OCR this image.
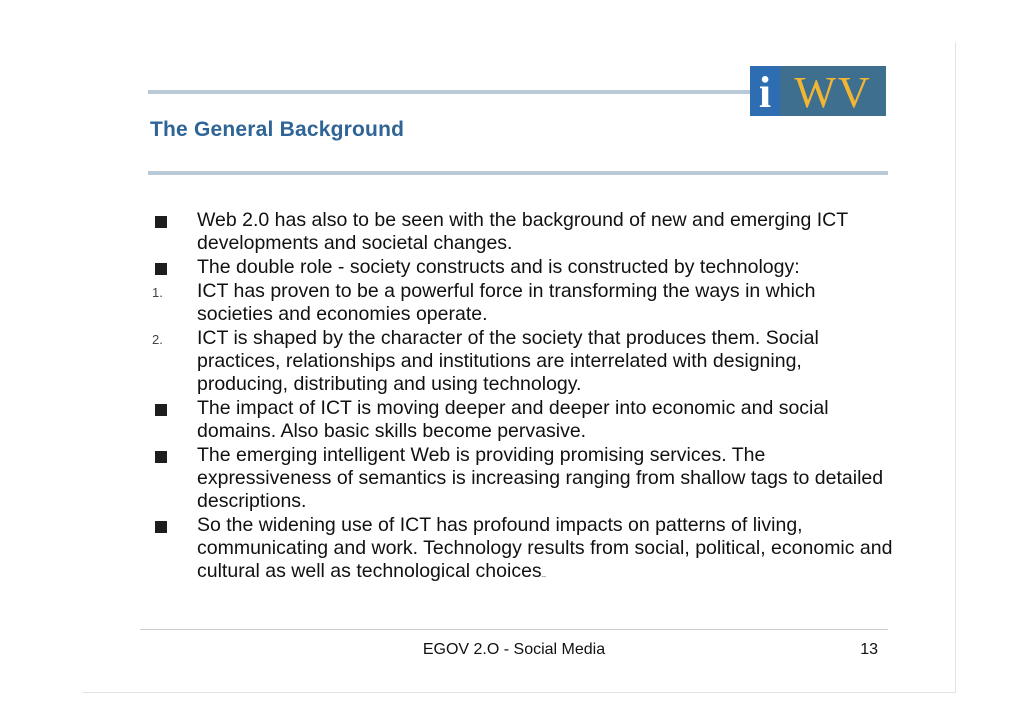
i WV
The General Background
Web 2.0 has also to be seen with the background of new and emerging ICT developments and societal changes.
The double role - society constructs and is constructed by technology:
1. ICT has proven to be a powerful force in transforming the ways in which societies and economies operate.
2. ICT is shaped by the character of the society that produces them. Social practices, relationships and institutions are interrelated with designing, producing, distributing and using technology.
The impact of ICT is moving deeper and deeper into economic and social domains. Also basic skills become pervasive.
The emerging intelligent Web is providing promising services. The expressiveness of semantics is increasing ranging from shallow tags to detailed descriptions.
So the widening use of ICT has profound impacts on patterns of living, communicating and work. Technology results from social, political, economic and cultural as well as technological choices..
EGOV 2.O - Social Media	13
